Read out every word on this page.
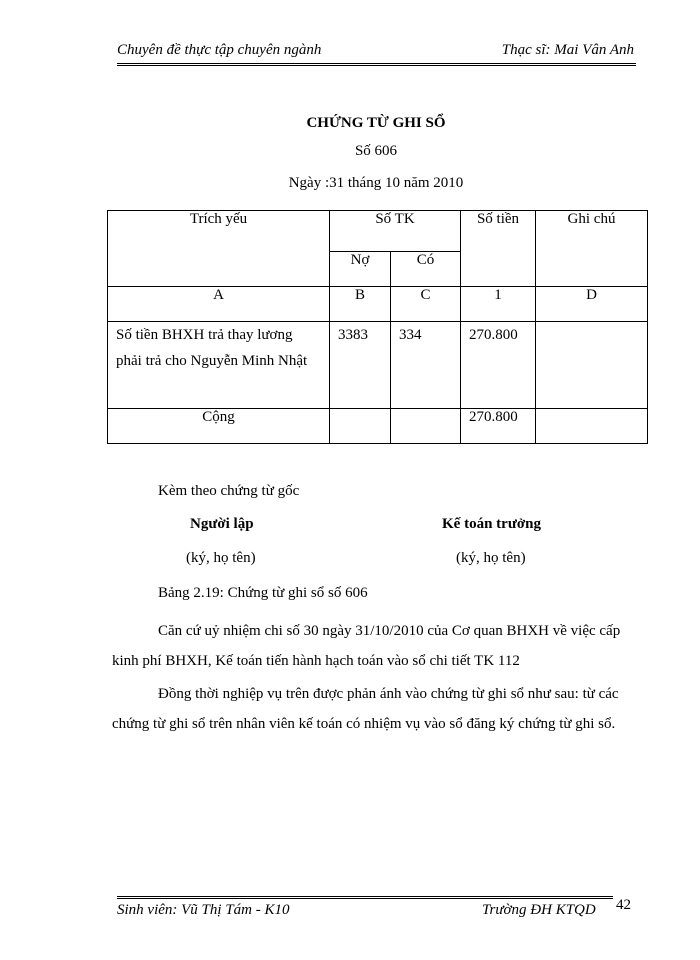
Chuyên đề thực tập chuyên ngành	Thạc sĩ: Mai Vân Anh
CHỨNG TỪ GHI SỔ
Số 606
Ngày :31 tháng 10 năm 2010
Trích yếu	Số TK		Số tiền	Ghi chú
	Nợ	Có		
A	B	C	1	D
Số tiền BHXH trả thay lương phải trả cho Nguyễn Minh Nhật	3383	334	270.800	
Cộng			270.800	
Kèm theo chứng từ gốc
Người lập	Kế toán trưởng
(ký, họ tên)	(ký, họ tên)
Bảng 2.19: Chứng từ ghi sổ số 606
Căn cứ uỷ nhiệm chi số 30 ngày 31/10/2010 của Cơ quan BHXH về việc cấp kinh phí BHXH, Kế toán tiến hành hạch toán vào sổ chi tiết TK 112
Đồng thời nghiệp vụ trên được phản ánh vào chứng từ ghi sổ như sau: từ các chứng từ ghi sổ trên nhân viên kế toán có nhiệm vụ vào sổ đăng ký chứng từ ghi sổ.
Sinh viên: Vũ Thị Tám - K10	Trường ĐH KTQD 42
